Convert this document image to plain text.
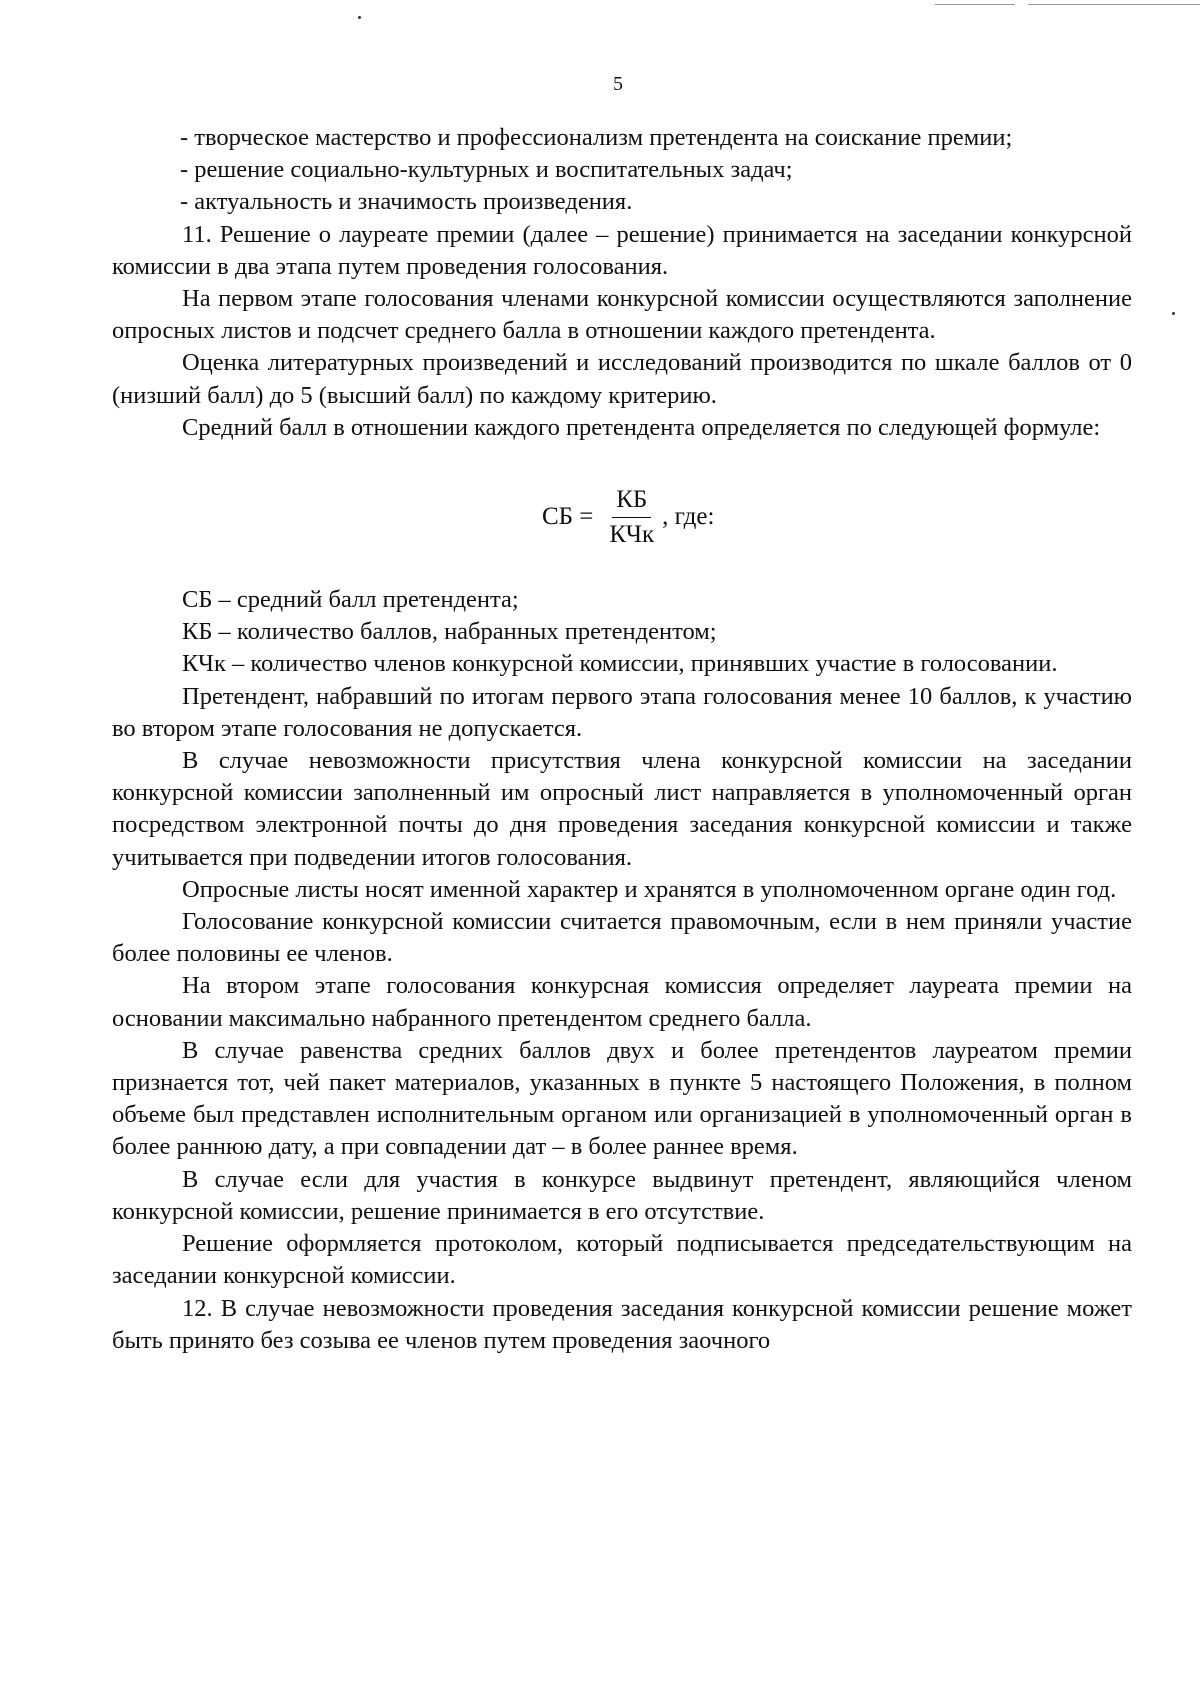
5

- творческое мастерство и профессионализм претендента на соискание премии;

- решение социально-культурных и воспитательных задач;

- актуальность и значимость произведения.

11. Решение о лауреате премии (далее – решение) принимается на заседании конкурсной комиссии в два этапа путем проведения голосования.

На первом этапе голосования членами конкурсной комиссии осуществляются заполнение опросных листов и подсчет среднего балла в отношении каждого претендента.

Оценка литературных произведений и исследований производится по шкале баллов от 0 (низший балл) до 5 (высший балл) по каждому критерию.

Средний балл в отношении каждого претендента определяется по следующей формуле:

СБ = $\frac{КБ}{\text{КЧк}}$ , где:

СБ – средний балл претендента;

КБ – количество баллов, набранных претендентом;

КЧк – количество членов конкурсной комиссии, принявших участие в голосовании.

Претендент, набравший по итогам первого этапа голосования менее 10 баллов, к участию во втором этапе голосования не допускается.

В случае невозможности присутствия члена конкурсной комиссии на заседании конкурсной комиссии заполненный им опросный лист направляется в уполномоченный орган посредством электронной почты до дня проведения заседания конкурсной комиссии и также учитывается при подведении итогов голосования.

Опросные листы носят именной характер и хранятся в уполномоченном органе один год.

Голосование конкурсной комиссии считается правомочным, если в нем приняли участие более половины ее членов.

На втором этапе голосования конкурсная комиссия определяет лауреата премии на основании максимально набранного претендентом среднего балла.

В случае равенства средних баллов двух и более претендентов лауреатом премии признается тот, чей пакет материалов, указанных в пункте 5 настоящего Положения, в полном объеме был представлен исполнительным органом или организацией в уполномоченный орган в более раннюю дату, а при совпадении дат – в более раннее время.

В случае если для участия в конкурсе выдвинут претендент, являющийся членом конкурсной комиссии, решение принимается в его отсутствие.

Решение оформляется протоколом, который подписывается председательствующим на заседании конкурсной комиссии.

12. В случае невозможности проведения заседания конкурсной комиссии решение может быть принято без созыва ее членов путем проведения заочного
